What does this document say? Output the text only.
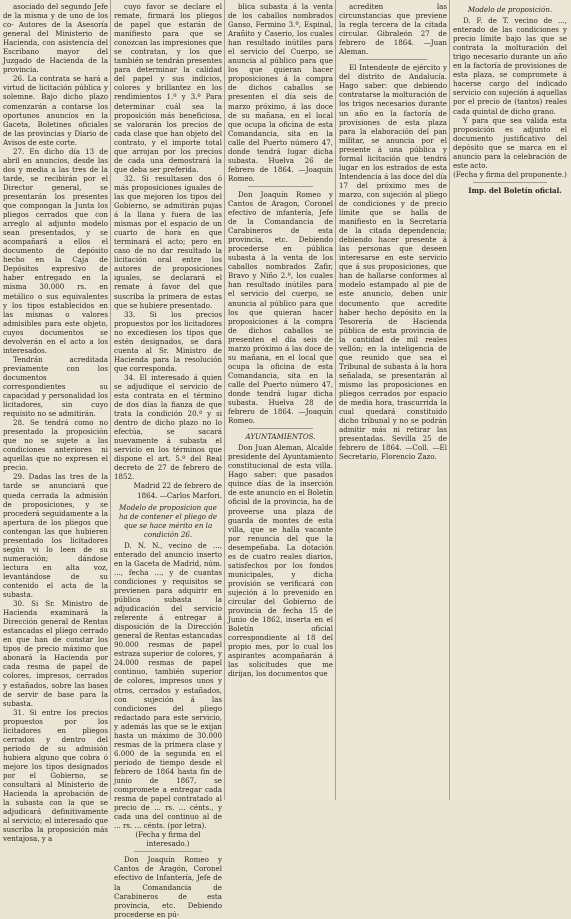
asociado del segundo Jefe de la misma y de uno de los co- Autores de la Asesoría general del Ministerio de Hacienda, con asistencia del Escribano mayor del Juzgado de Hacienda de la provincia.

26. La contrata se hará a virtud de licitación pública y solemne. Bajo dicho plazo comenzarán a contarse los oportunos anuncios en la Gaceta, Boletines oficiales de las provincias y Diario de Avisos de este corte.

27. En dicho día 13 de abril en anuncios, desde las dos y media a las tres de la tarde, se recibirán por el Director general, se presentarán los presentes que compongan la Junta los pliegos cerrados que con arreglo al adjunto modelo sean presentados, y se acompañará a ellos el documento de depósito hecho en la Caja de Depósitos expresivo de haber entregado en la misma 30.000 rs. en metálico o sus equivalentes y los tipos establecidos en las mismas o valores admisibles para este objeto, cuyos documentos se devolverán en el acto a los interesados.

Tendrán acreditada previamente con los documentos correspondientes su capacidad y personalidad los licitadores, sin cuyo requisito no se admitirán.

28. Se tendrá como no presentado la proposición que no se sujete a las condiciones anteriores ni aquellas que no expresen el precio.

29. Dadas las tres de la tarde se anunciará que queda cerrada la admisión de proposiciones, y se procederá seguidamente a la apertura de los pliegos que contengan las que hubieren presentado los licitadores según vi lo leen de su numeración; dándose lectura en alta voz, levantándose de su contenido el acta de la subasta.

30. Si Sr. Ministro de Hacienda examinará la Dirección general de Rentas estancadas el pliego cerrado en que han de constar los tipos de precio máximo que abonará la Hacienda por cada resma de papel de colores, impresos, cerrados y estañados, sobre las bases de servir de base para la subasta.

31. Si entre los precios propuestos por los licitadores en pliegos cerrados y dentro del periodo de su admisión hubiera alguno que cobra ó mejore los tipos designados por el Gobierno, se consultará al Ministerio de Hacienda la aprobación de la subasta con la que se adjudicará definitivamente al servicio; el interesado que suscriba la proposición más ventajosa, y a

cuyo favor se declare el remate, firmará los pliegos de papel que estarán de manifiesto para que se conozcan las impresiones que se contratan, y los que también se tendrán presentes para determinar la calidad del papel y sus indicios, colores y brillantez en los rendimientos 1.º y 3.º Para determinar cuál sea la proposición más beneficiosa, se valorarán los precios de cada clase que han objeto del contrato, y el importe total que arrojan por los precios de cada una demostrará la que deba ser preferida.

32. Si resultasen dos ó más proposiciones iguales de las que mejoren los tipos del Gobierno, se admitirán pujas á la llana y fuera de las mismas por el espacio de un cuarto de hora en que terminará el acto; pero en caso de no dar resultado la licitación oral entre los autores de proposiciones iguales, se declarará el remate á favor del que suscriba la primera de estas que se hubiere presentado.

33. Si los precios propuestos por los licitadores no excediesen los tipos que estén designados, se dará cuenta al Sr. Ministro de Hacienda para la resolución que corresponda.

34. El interesado á quien se adjudique el servicio de esta contrata en el término de dos días la fianza de que trata la condición 20.ª y si dentro de dicho plazo no lo efectúa, se sacará nuevamente á subasta el servicio en los términos que dispone el art. 5.º del Real decreto de 27 de febrero de 1852.

Madrid 22 de febrero de 1864. —Carlos Marfori.

Modelo de proposicion que ha de contener el pliego de que se hace mérito en la condición 26.

D. N. N., vecino de ..., enterado del anuncio inserto en la Gaceta de Madrid, núm. ..., fecha ..., y de cuantas condiciones y requisitos se previenen para adquirir en pública subasta la adjudicación del servicio referente á entregar á disposición de la Dirección general de Rentas estancadas 90.000 resmas de papel estraza superior de colores, y 24.000 resmas de papel continuo, también superior de colores, impresos unos y otros, cerrados y estañados, con sujeción á las condiciones del pliego redactado para este servicio, y además las que se le exijan hasta un máximo de 30.000 resmas de la primera clase y 6.000 de la segunda en el periodo de tiempo desde el febrero de 1864 hasta fin de junio de 1867, se compromete a entregar cada resma de papel contratado al precio de ... rs. ... cénts., y cada una del continuo al de ... rs. ... cénts. (por letra).

(Fecha y firma del interesado.)

Don Joaquín Romeo y Cantos de Aragón, Coronel efectivo de Infantería, Jefe de la Comandancia de Carabineros de esta provincia, etc. Debiendo procederse en pú-

blica subasta á la venta de los caballos nombrados Ganso, Fermino 3.º, Espinal, Arañito y Caserio, los cuales han resultado inútiles para el servicio del Cuerpo, se anuncia al público para que los que quieran hacer proposiciones á la compra de dichos caballos se presenten el día seis de marzo próximo, á las doce de su mañana, en el local que ocupa la oficina de esta Comandancia, sita en la calle del Puerto número 47, donde tendrá lugar dicha subasta. Huelva 26 de febrero de 1864. —Joaquín Romeo.

Don Joaquín Romeo y Cantos de Aragon, Coronel efectivo de infantería, Jefe de la Comandancia de Carabineros de esta provincia, etc. Debiendo procederse en pública subasta á la venta de los caballos nombrados Zafir, Bravo y Niño 2.º, los cuales han resultado inútiles para el servicio del cuerpo, se anuncia al público para que los que quieran hacer proposiciones á la compra de dichos caballos se presenten el día seis de marzo próximo á las doce de su mañana, en el local que ocupa la oficina de esta Comandancia, sita en la calle del Puerto número 47, donde tendrá lugar dicha subasta. Huelva 28 de febrero de 1864. —Joaquín Romeo.

AYUNTAMIENTOS.

Don Juan Aleman, Alcalde presidente del Ayuntamiento constitucional de esta villa. Hago saber: que pasados quince días de la inserción de este anuncio en el Boletín oficial de la provincia, ha de proveerse una plaza de guarda de montes de esta villa, que se halla vacante por renuncia del que la desempeñaba. La dotación es de cuatro reales diarios, satisfechos por los fondos municipales, y dicha provisión se verificará con sujeción á lo prevenido en circular del Gobierno de provincia de fecha 15 de Junio de 1862, inserta en el Boletín oficial correspondiente al 18 del propio mes, por lo cual los aspirantes acompañarán á las solicitudes que me dirijan, los documentos que

acrediten las circunstancias que previene la regla tercera de la citada circular. Gibraleón 27 de febrero de 1864. —Juan Aleman.

El Intendente de ejército y del distrito de Andalucía. Hago saber: que debiendo contratarse la molturación de los trigos necesarios durante un año en la factoría de provisiones de esta plaza para la elaboración del pan militar, se anuncia por el presente á una pública y formal licitación que tendrá lugar en los estrados de esta Intendencia á las doce del día 17 del próximo mes de marzo, con sujeción al pliego de condiciones y de precio límite que se halla de manifiesto en la Secretaría de la citada dependencia; debiendo hacer presente á las personas que deseen interesarse en este servicio que á sus proposiciones, que han de hallarse conformes al modelo estampado al pie de este anuncio, deben unir documento que acredite haber hecho depósito en la Tesorería de Hacienda pública de esta provincia de la cantidad de mil reales vellón; en la inteligencia de que reunido que sea el Tribunal de subasta á la hora señalada, se presentarán al mismo las proposiciones en pliegos cerrados por espacio de media hora, trascurrida la cual quedará constituido dicho tribunal y no se podrán admitir más ni retirar las presentadas. Sevilla 25 de febrero de 1864. —Coll. —El Secretario, Florencio Zazo.

Modelo de proposición.

D. F. de T. vecino de ..., enterado de las condiciones y precio límite bajo las que se contrata la molturación del trigo necesario durante un año en la factoría de provisiones de esta plaza, se compromete á hacerse cargo del indicado servicio con sujeción á aquellas por el precio de (tantos) reales cada quintal de dicho grano.

Y para que sea válida esta proposición es adjunto el documento justificativo del depósito que se marca en el anuncio para la celebración de este acto.

(Fecha y firma del proponente.)

Imp. del Boletín oficial.
